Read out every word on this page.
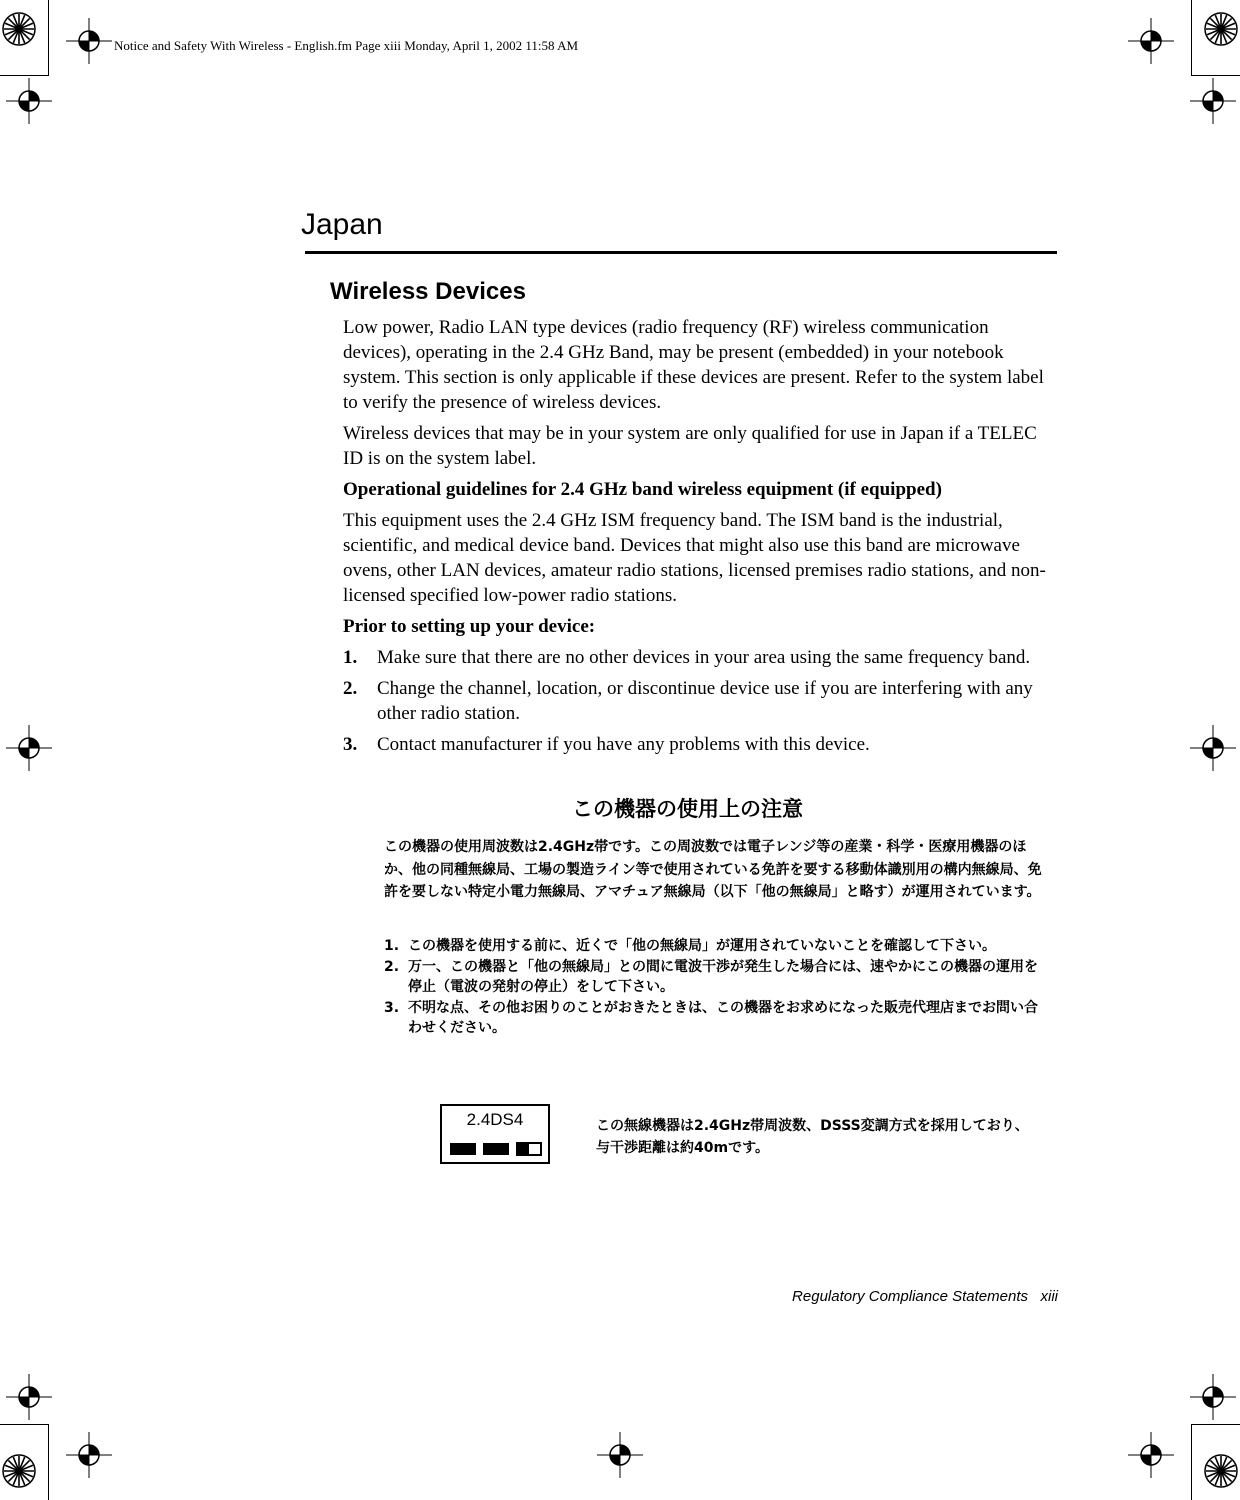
Notice and Safety With Wireless - English.fm Page xiii Monday, April 1, 2002 11:58 AM
Japan
Wireless Devices

Low power, Radio LAN type devices (radio frequency (RF) wireless communication devices), operating in the 2.4 GHz Band, may be present (embedded) in your notebook system. This section is only applicable if these devices are present. Refer to the system label to verify the presence of wireless devices.

Wireless devices that may be in your system are only qualified for use in Japan if a TELEC ID is on the system label.

Operational guidelines for 2.4 GHz band wireless equipment (if equipped)

This equipment uses the 2.4 GHz ISM frequency band. The ISM band is the industrial, scientific, and medical device band. Devices that might also use this band are microwave ovens, other LAN devices, amateur radio stations, licensed premises radio stations, and non-licensed specified low-power radio stations.

Prior to setting up your device:

1. Make sure that there are no other devices in your area using the same frequency band.
2. Change the channel, location, or discontinue device use if you are interfering with any other radio station.
3. Contact manufacturer if you have any problems with this device.
この機器の使用上の注意
この機器の使用周波数は2.4GHz帯です。この周波数では電子レンジ等の産業・科学・医療用機器のほか、他の同種無線局、工場の製造ライン等で使用されている免許を要する移動体識別用の構内無線局、免許を要しない特定小電力無線局、アマチュア無線局（以下「他の無線局」と略す）が運用されています。
1. この機器を使用する前に、近くで「他の無線局」が運用されていないことを確認して下さい。
2. 万一、この機器と「他の無線局」との間に電波干渉が発生した場合には、速やかにこの機器の運用を停止（電波の発射の停止）をして下さい。
3. 不明な点、その他お困りのことがおきたときは、この機器をお求めになった販売代理店までお問い合わせください。
2.4DS4	この無線機器は2.4GHz帯周波数、DSSS変調方式を採用しており、与干渉距離は約40mです。
Regulatory Compliance Statements   xiii
